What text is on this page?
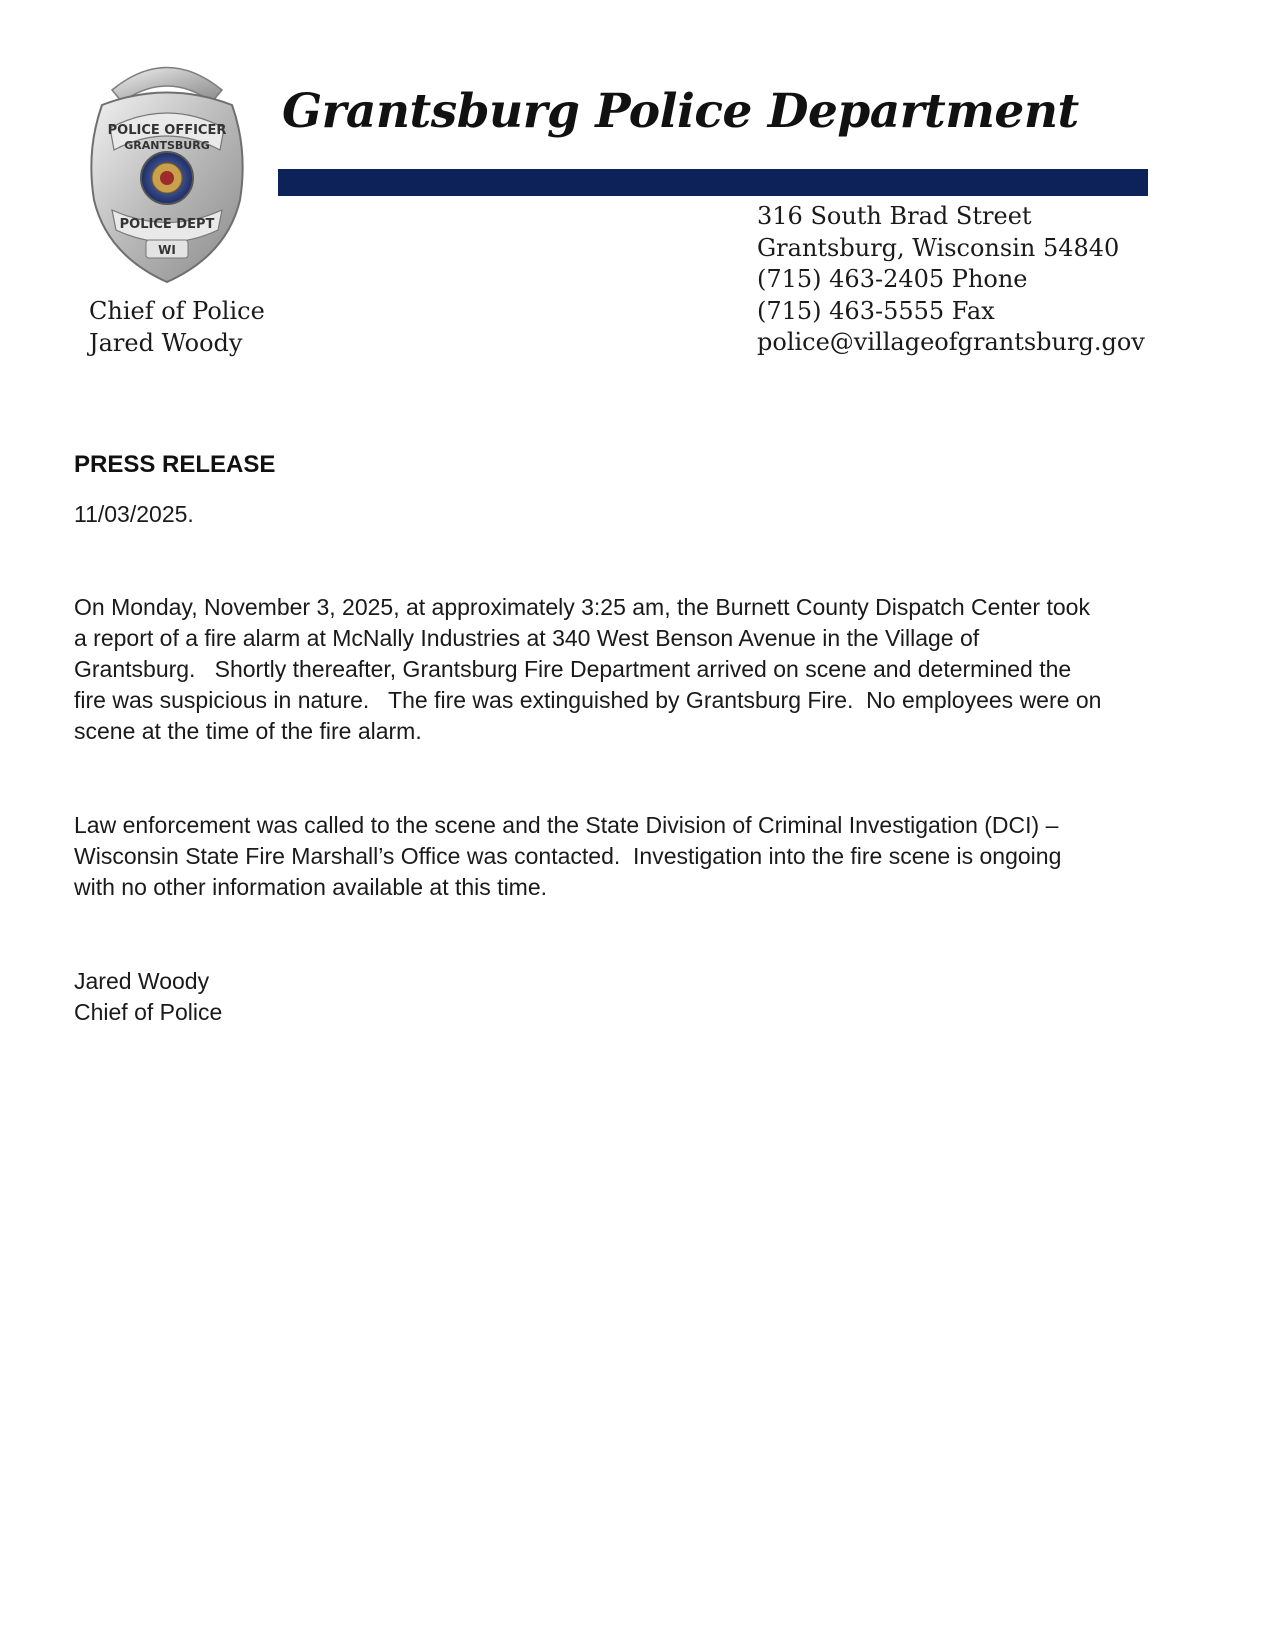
POLICE OFFICER
GRANTSBURG
POLICE DEPT
WI
Grantsburg Police Department
Chief of Police
Jared Woody
316 South Brad Street
Grantsburg, Wisconsin 54840
(715) 463-2405 Phone
(715) 463-5555 Fax
police@villageofgrantsburg.gov
PRESS RELEASE
11/03/2025.

On Monday, November 3, 2025, at approximately 3:25 am, the Burnett County Dispatch Center took
a report of a fire alarm at McNally Industries at 340 West Benson Avenue in the Village of
Grantsburg.   Shortly thereafter, Grantsburg Fire Department arrived on scene and determined the
fire was suspicious in nature.   The fire was extinguished by Grantsburg Fire.  No employees were on
scene at the time of the fire alarm.

Law enforcement was called to the scene and the State Division of Criminal Investigation (DCI) –
Wisconsin State Fire Marshall’s Office was contacted.  Investigation into the fire scene is ongoing
with no other information available at this time.

Jared Woody
Chief of Police
